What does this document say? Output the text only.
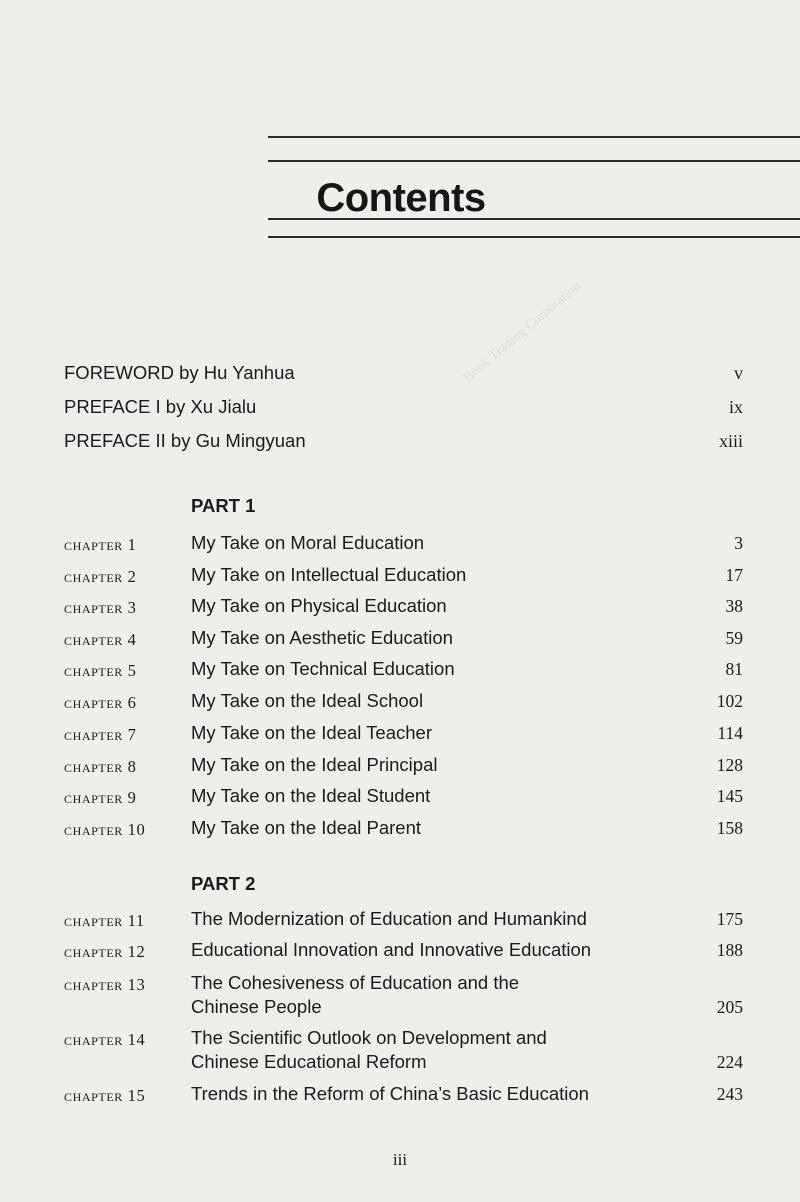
Contents
Book Trading Corporation
FOREWORD by Hu Yanhua	v
PREFACE I by Xu Jialu	ix
PREFACE II by Gu Mingyuan	xiii
PART 1
chapter 1	My Take on Moral Education	3
chapter 2	My Take on Intellectual Education	17
chapter 3	My Take on Physical Education	38
chapter 4	My Take on Aesthetic Education	59
chapter 5	My Take on Technical Education	81
chapter 6	My Take on the Ideal School	102
chapter 7	My Take on the Ideal Teacher	114
chapter 8	My Take on the Ideal Principal	128
chapter 9	My Take on the Ideal Student	145
chapter 10 My Take on the Ideal Parent	158
PART 2
chapter 11	The Modernization of Education and Humankind	175
chapter 12 Educational Innovation and Innovative Education	188
chapter 13 The Cohesiveness of Education and the
Chinese People	205
chapter 14 The Scientific Outlook on Development and
Chinese Educational Reform	224
chapter 15 Trends in the Reform of China’s Basic Education	243
iii
